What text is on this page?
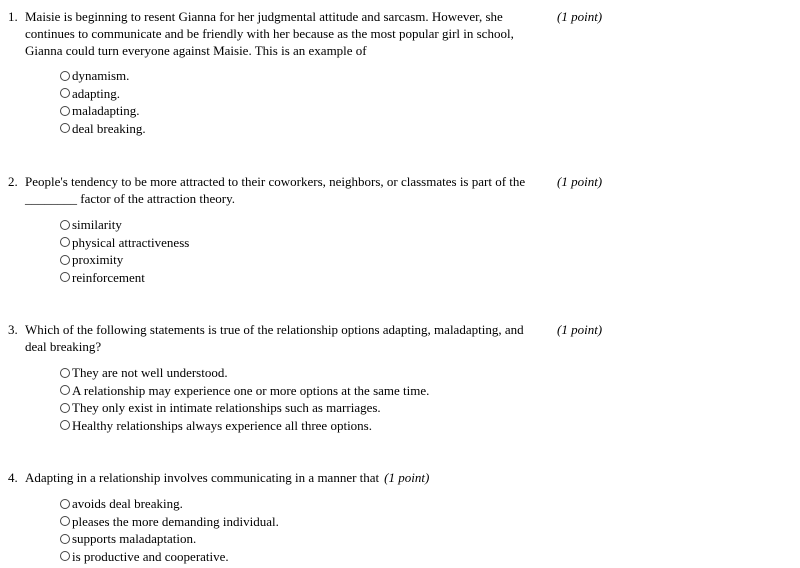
1. Maisie is beginning to resent Gianna for her judgmental attitude and sarcasm. However, she continues to communicate and be friendly with her because as the most popular girl in school, Gianna could turn everyone against Maisie. This is an example of
(1 point)
dynamism.
adapting.
maladapting.
deal breaking.
2. People's tendency to be more attracted to their coworkers, neighbors, or classmates is part of the ________ factor of the attraction theory.
(1 point)
similarity
physical attractiveness
proximity
reinforcement
3. Which of the following statements is true of the relationship options adapting, maladapting, and deal breaking?
(1 point)
They are not well understood.
A relationship may experience one or more options at the same time.
They only exist in intimate relationships such as marriages.
Healthy relationships always experience all three options.
4. Adapting in a relationship involves communicating in a manner that (1 point)
avoids deal breaking.
pleases the more demanding individual.
supports maladaptation.
is productive and cooperative.
